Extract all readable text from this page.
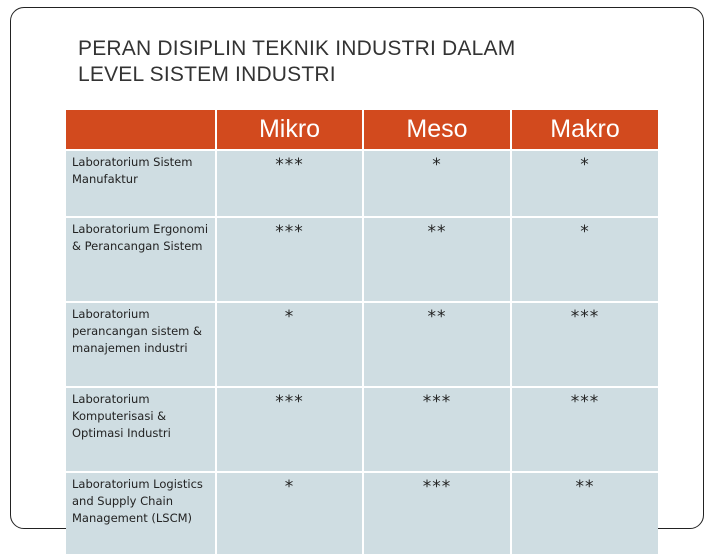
PERAN DISIPLIN TEKNIK INDUSTRI DALAM
LEVEL SISTEM INDUSTRI
	Mikro	Meso	Makro
Laboratorium Sistem Manufaktur	***	*	*
Laboratorium Ergonomi & Perancangan Sistem	***	**	*
Laboratorium perancangan sistem & manajemen industri	*	**	***
Laboratorium Komputerisasi & Optimasi Industri	***	***	***
Laboratorium Logistics and Supply Chain Management (LSCM)	*	***	**
